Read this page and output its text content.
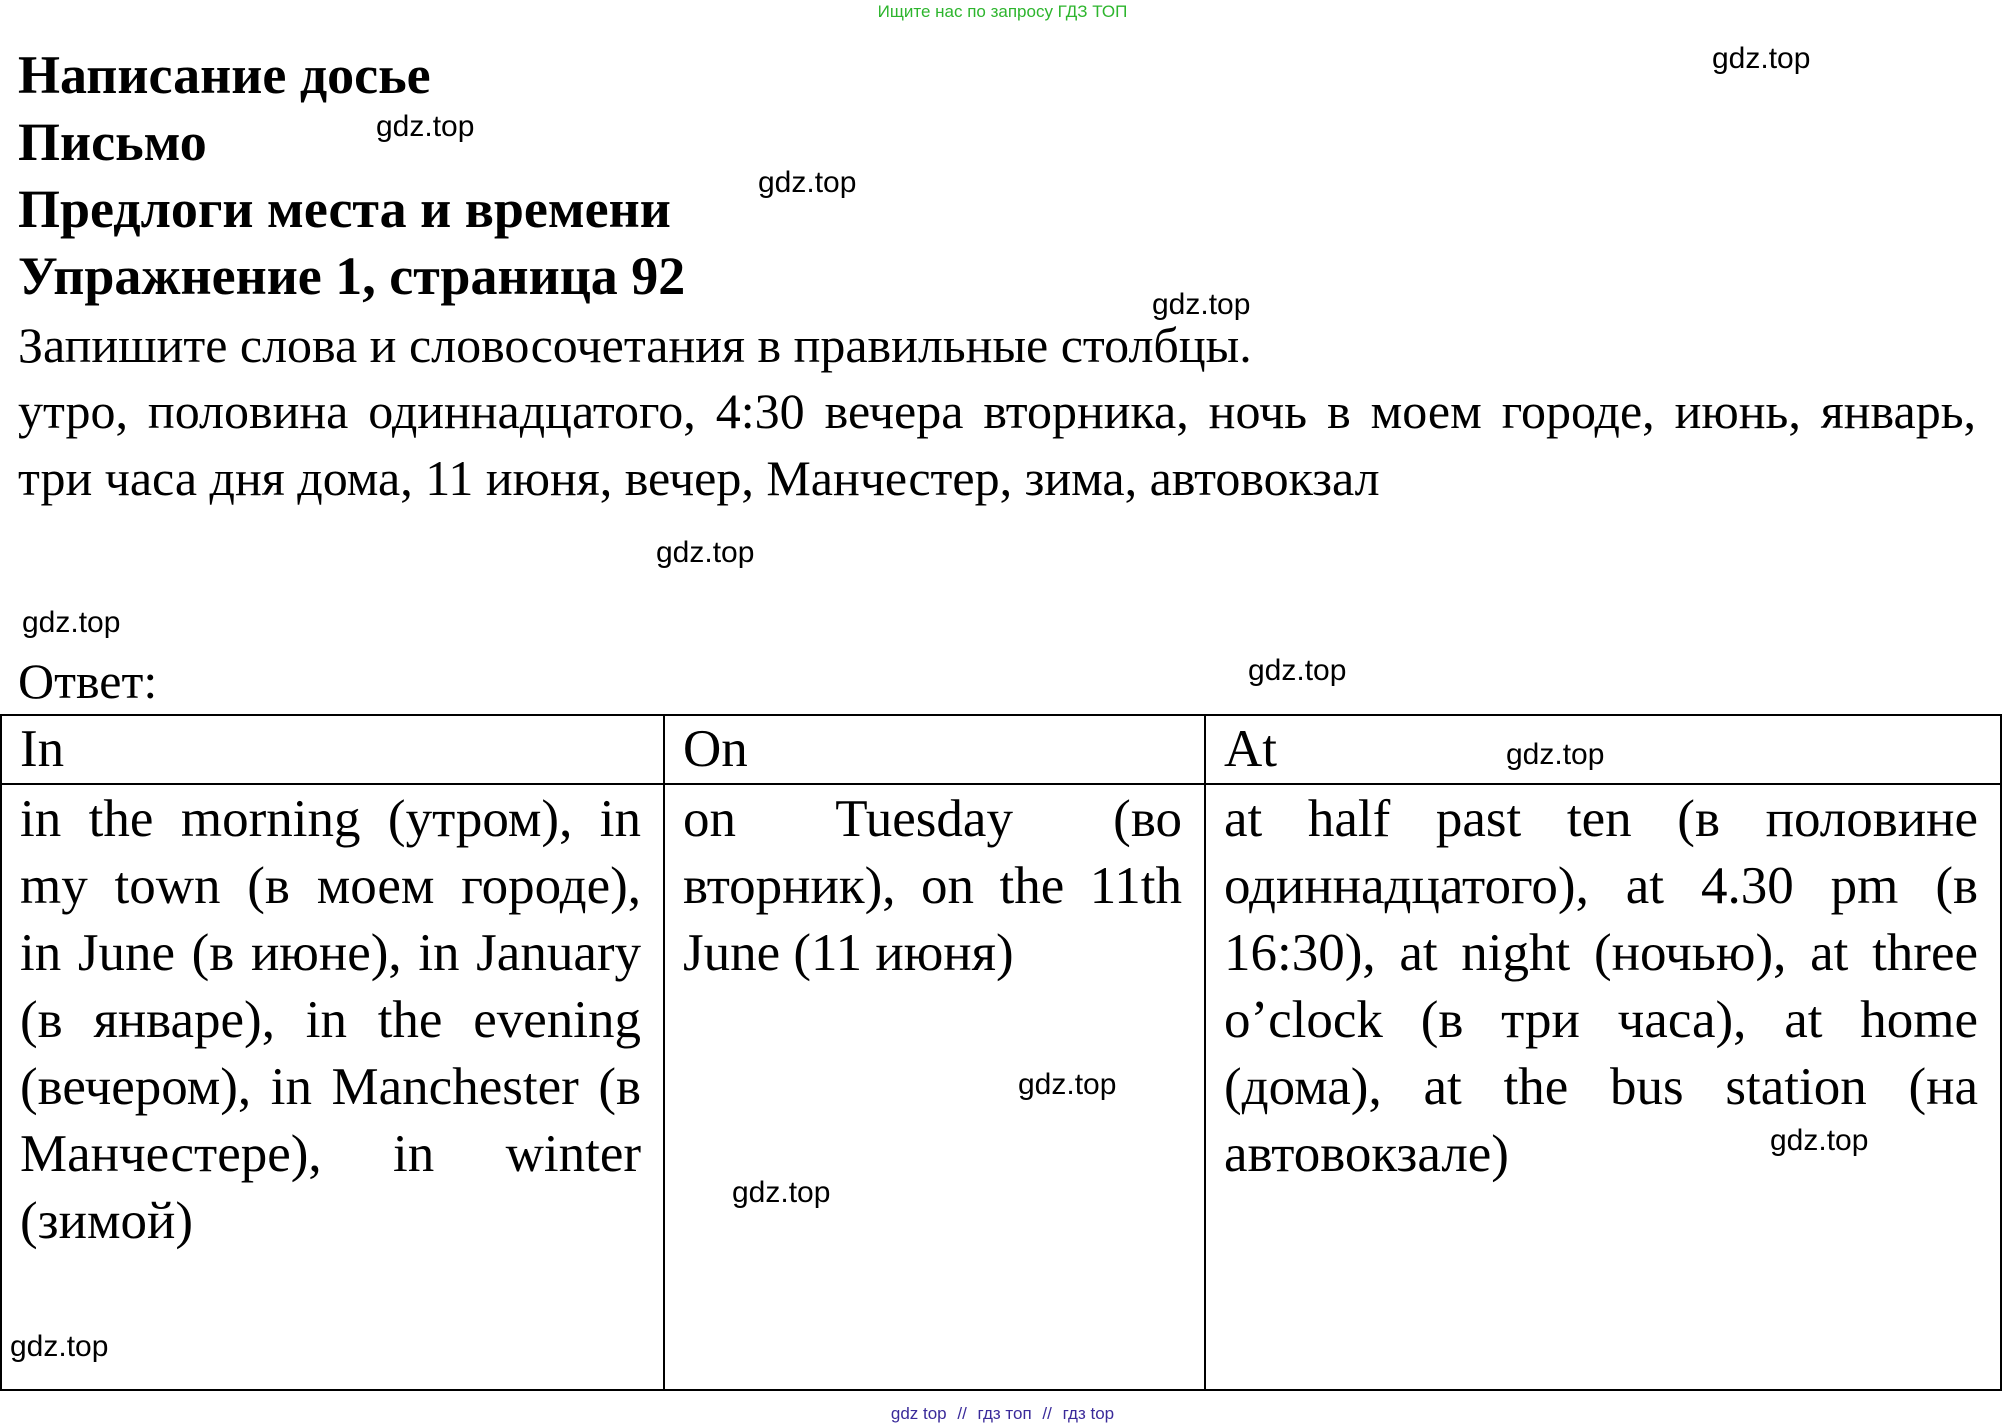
Ищите нас по запросу ГДЗ ТОП
Написание досье
Письмо
Предлоги места и времени
Упражнение 1, страница 92
Запишите слова и словосочетания в правильные столбцы.
утро, половина одиннадцатого, 4:30 вечера вторника, ночь в моем городе, июнь, январь, три часа дня дома, 11 июня, вечер, Манчестер, зима, автовокзал
Ответ:
In	On	At
in the morning (утром), in my town (в моем городе), in June (в июне), in January (в январе), in the evening (вечером), in Manchester (в Манчестере), in winter (зимой)	on Tuesday (во вторник), on the 11th June (11 июня)	at half past ten (в половине одиннадцатого), at 4.30 pm (в 16:30), at night (ночью), at three o’clock (в три часа), at home (дома), at the bus station (на автовокзале)
gdz.top
gdz.top
gdz.top
gdz.top
gdz.top
gdz.top
gdz.top
gdz.top
gdz.top
gdz.top
gdz.top
gdz.top
gdz top // гдз топ // гдз top
